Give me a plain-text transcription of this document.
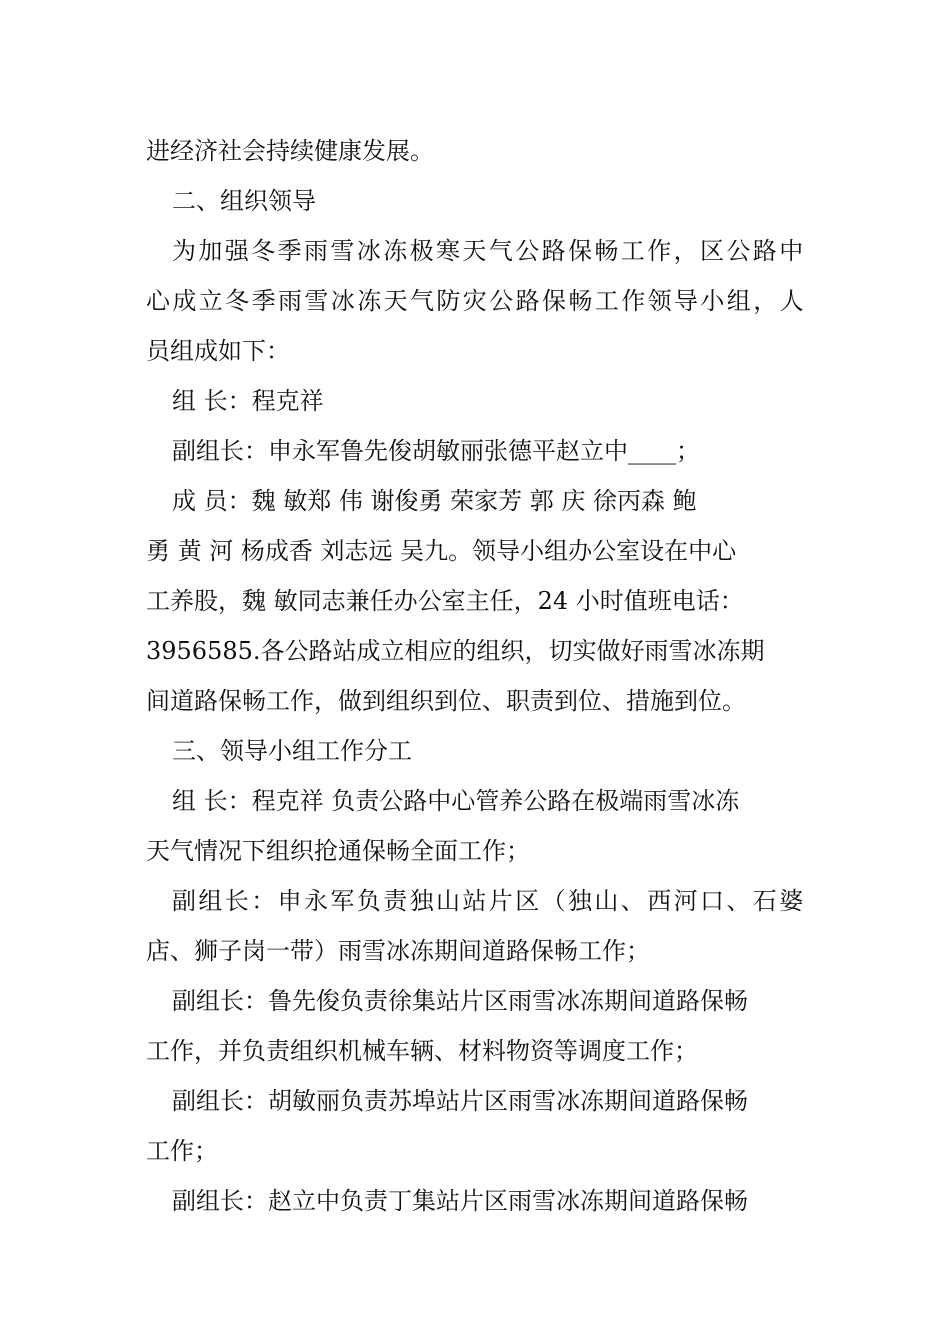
进经济社会持续健康发展。
二、组织领导
为加强冬季雨雪冰冻极寒天气公路保畅工作，区公路中
心成立冬季雨雪冰冻天气防灾公路保畅工作领导小组，人
员组成如下：
组 长：程克祥
副组长：申永军鲁先俊胡敏丽张德平赵立中____；
成 员：魏 敏郑 伟 谢俊勇 荣家芳 郭 庆 徐丙森 鲍
勇 黄 河 杨成香 刘志远 吴九。领导小组办公室设在中心
工养股，魏 敏同志兼任办公室主任，24 小时值班电话：
3956585.各公路站成立相应的组织，切实做好雨雪冰冻期
间道路保畅工作，做到组织到位、职责到位、措施到位。
三、领导小组工作分工
组 长：程克祥 负责公路中心管养公路在极端雨雪冰冻
天气情况下组织抢通保畅全面工作；
副组长：申永军负责独山站片区（独山、西河口、石婆
店、狮子岗一带）雨雪冰冻期间道路保畅工作；
副组长：鲁先俊负责徐集站片区雨雪冰冻期间道路保畅
工作，并负责组织机械车辆、材料物资等调度工作；
副组长：胡敏丽负责苏埠站片区雨雪冰冻期间道路保畅
工作；
副组长：赵立中负责丁集站片区雨雪冰冻期间道路保畅
